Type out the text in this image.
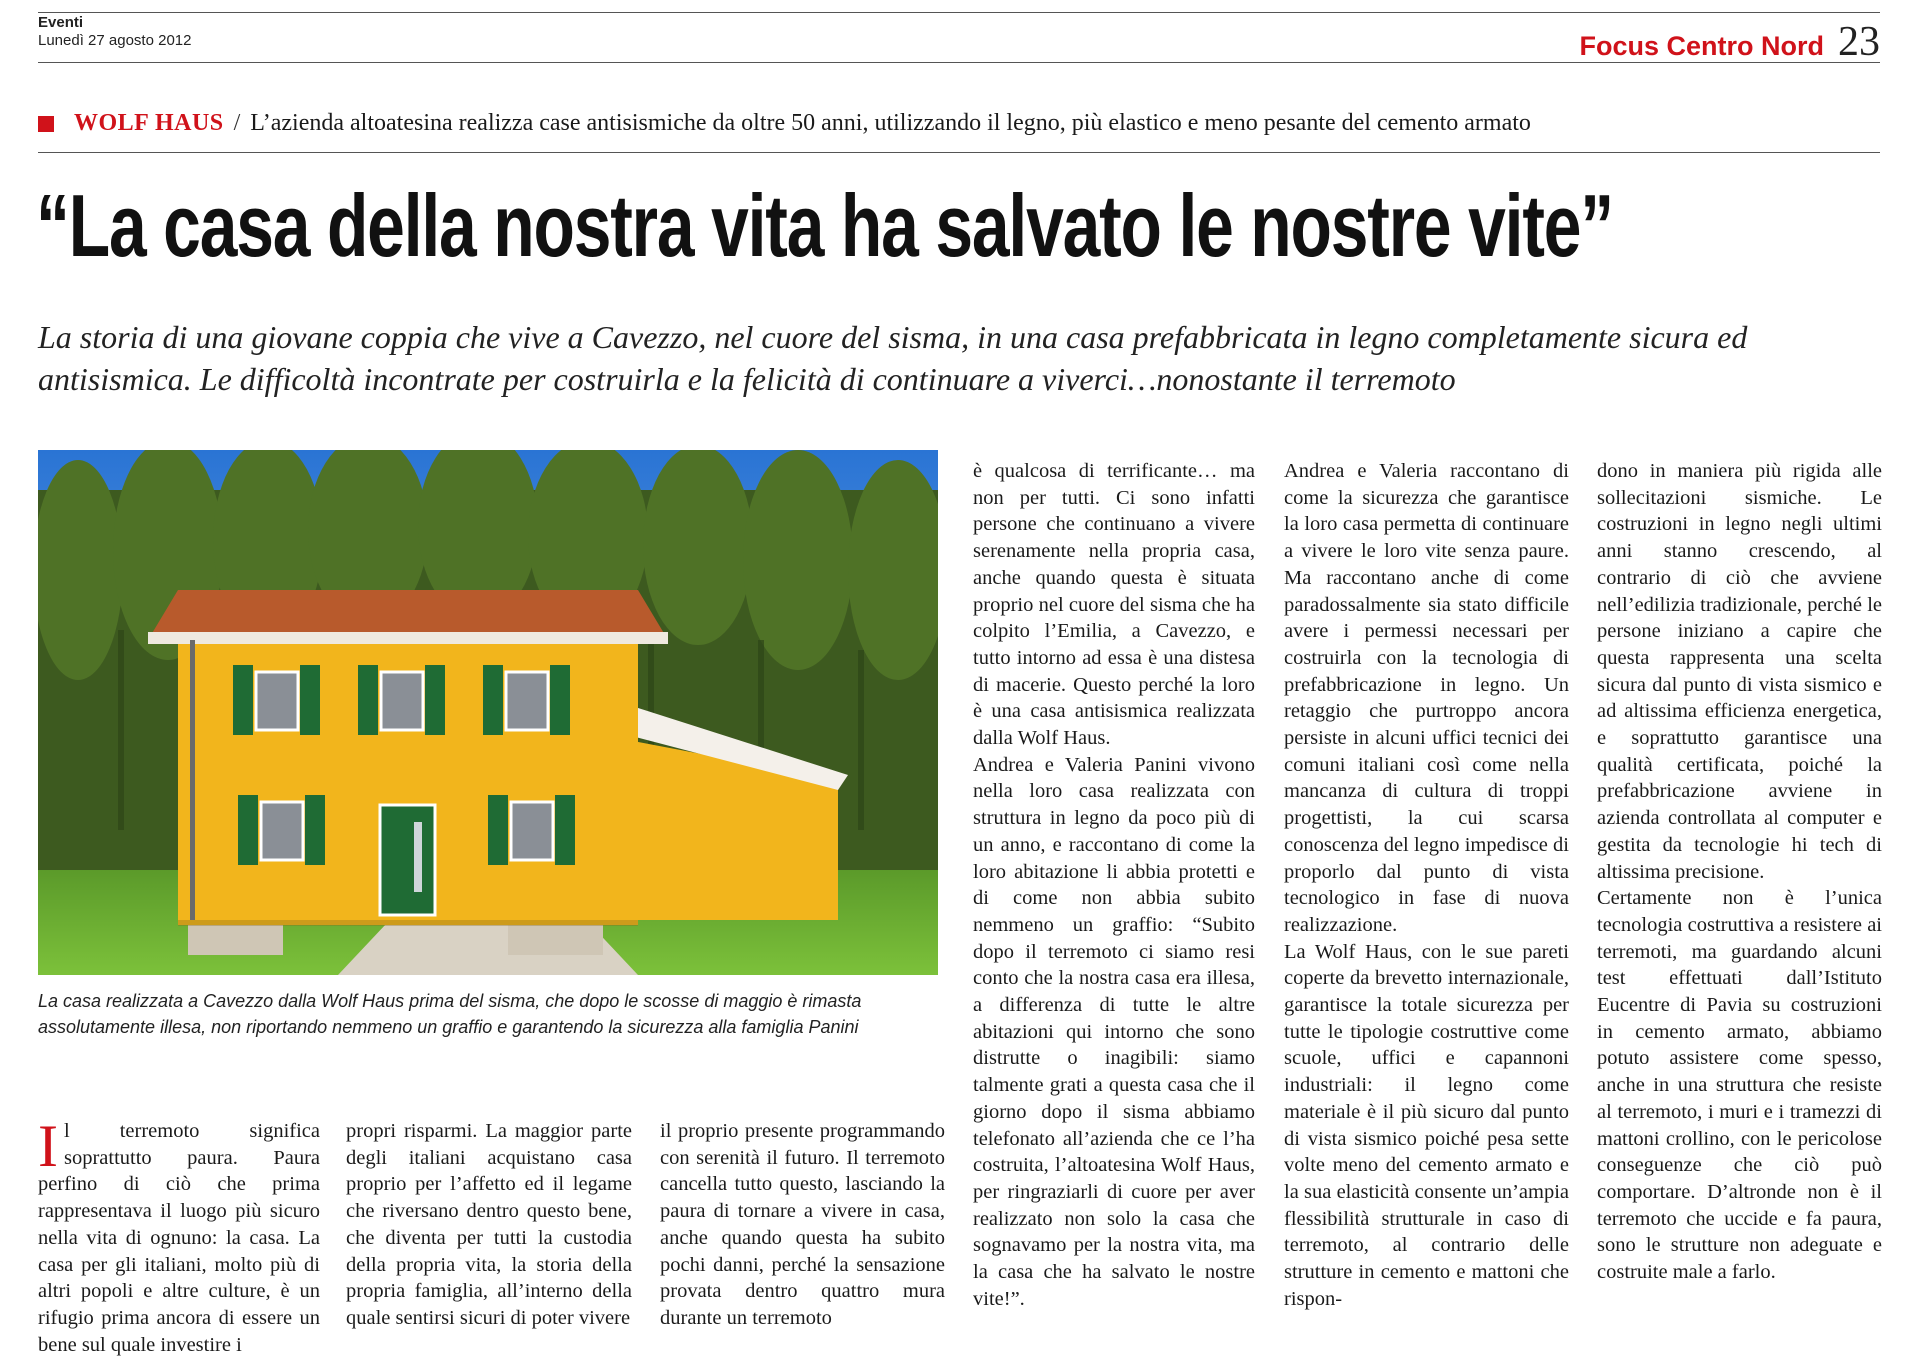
Eventi
Lunedì 27 agosto 2012	Focus Centro Nord 23
WOLF HAUS / L’azienda altoatesina realizza case antisismiche da oltre 50 anni, utilizzando il legno, più elastico e meno pesante del cemento armato
“La casa della nostra vita ha salvato le nostre vite”
La storia di una giovane coppia che vive a Cavezzo, nel cuore del sisma, in una casa prefabbricata in legno completamente sicura ed antisismica. Le difficoltà incontrate per costruirla e la felicità di continuare a viverci…nonostante il terremoto
La casa realizzata a Cavezzo dalla Wolf Haus prima del sisma, che dopo le scosse di maggio è rimasta assolutamente illesa, non riportando nemmeno un graffio e garantendo la sicurezza alla famiglia Panini
Il terremoto significa soprattutto paura. Paura perfino di ciò che prima rappresentava il luogo più sicuro nella vita di ognuno: la casa. La casa per gli italiani, molto più di altri popoli e altre culture, è un rifugio prima ancora di essere un bene sul quale investire i

propri risparmi. La maggior parte degli italiani acquistano casa proprio per l’affetto ed il legame che riversano dentro questo bene, che diventa per tutti la custodia della propria vita, la storia della propria famiglia, all’interno della quale sentirsi sicuri di poter vivere

il proprio presente programmando con serenità il futuro. Il terremoto cancella tutto questo, lasciando la paura di tornare a vivere in casa, anche quando questa ha subito pochi danni, perché la sensazione provata dentro quattro mura durante un terremoto

è qualcosa di terrificante… ma non per tutti. Ci sono infatti persone che continuano a vivere serenamente nella propria casa, anche quando questa è situata proprio nel cuore del sisma che ha colpito l’Emilia, a Cavezzo, e tutto intorno ad essa è una distesa di macerie. Questo perché la loro è una casa antisismica realizzata dalla Wolf Haus.

Andrea e Valeria Panini vivono nella loro casa realizzata con struttura in legno da poco più di un anno, e raccontano di come la loro abitazione li abbia protetti e di come non abbia subito nemmeno un graffio: “Subito dopo il terremoto ci siamo resi conto che la nostra casa era illesa, a differenza di tutte le altre abitazioni qui intorno che sono distrutte o inagibili: siamo talmente grati a questa casa che il giorno dopo il sisma abbiamo telefonato all’azienda che ce l’ha costruita, l’altoatesina Wolf Haus, per ringraziarli di cuore per aver realizzato non solo la casa che sognavamo per la nostra vita, ma la casa che ha salvato le nostre vite!”.

Andrea e Valeria raccontano di come la sicurezza che garantisce la loro casa permetta di continuare a vivere le loro vite senza paure. Ma raccontano anche di come paradossalmente sia stato difficile avere i permessi necessari per costruirla con la tecnologia di prefabbricazione in legno. Un retaggio che purtroppo ancora persiste in alcuni uffici tecnici dei comuni italiani così come nella mancanza di cultura di troppi progettisti, la cui scarsa conoscenza del legno impedisce di proporlo dal punto di vista tecnologico in fase di nuova realizzazione.

La Wolf Haus, con le sue pareti coperte da brevetto internazionale, garantisce la totale sicurezza per tutte le tipologie costruttive come scuole, uffici e capannoni industriali: il legno come materiale è il più sicuro dal punto di vista sismico poiché pesa sette volte meno del cemento armato e la sua elasticità consente un’ampia flessibilità strutturale in caso di terremoto, al contrario delle strutture in cemento e mattoni che rispon-

dono in maniera più rigida alle sollecitazioni sismiche. Le costruzioni in legno negli ultimi anni stanno crescendo, al contrario di ciò che avviene nell’edilizia tradizionale, perché le persone iniziano a capire che questa rappresenta una scelta sicura dal punto di vista sismico e ad altissima efficienza energetica, e soprattutto garantisce una qualità certificata, poiché la prefabbricazione avviene in azienda controllata al computer e gestita da tecnologie hi tech di altissima precisione.

Certamente non è l’unica tecnologia costruttiva a resistere ai terremoti, ma guardando alcuni test effettuati dall’Istituto Eucentre di Pavia su costruzioni in cemento armato, abbiamo potuto assistere come spesso, anche in una struttura che resiste al terremoto, i muri e i tramezzi di mattoni crollino, con le pericolose conseguenze che ciò può comportare. D’altronde non è il terremoto che uccide e fa paura, sono le strutture non adeguate e costruite male a farlo.
